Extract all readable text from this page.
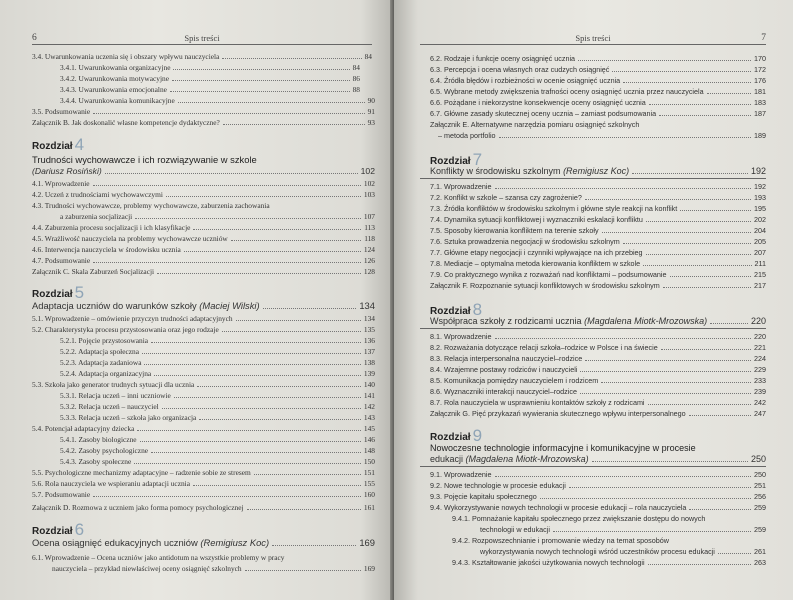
6	Spis treści
3.4. Uwarunkowania uczenia się i obszary wpływu nauczyciela	84
3.4.1. Uwarunkowania organizacyjne	84
3.4.2. Uwarunkowania motywacyjne	86
3.4.3. Uwarunkowania emocjonalne	88
3.4.4. Uwarunkowania komunikacyjne	90
3.5. Podsumowanie	91
Załącznik B. Jak doskonalić własne kompetencje dydaktyczne?	93
Rozdział 4
Trudności wychowawcze i ich rozwiązywanie w szkole
(Dariusz Rosiński)	102
4.1. Wprowadzenie	102
4.2. Uczeń z trudnościami wychowawczymi	103
4.3. Trudności wychowawcze, problemy wychowawcze, zaburzenia zachowania
a zaburzenia socjalizacji	107
4.4. Zaburzenia procesu socjalizacji i ich klasyfikacje	113
4.5. Wrażliwość nauczyciela na problemy wychowawcze uczniów	118
4.6. Interwencja nauczyciela w środowisku ucznia	124
4.7. Podsumowanie	126
Załącznik C. Skala Zaburzeń Socjalizacji	128
Rozdział 5
Adaptacja uczniów do warunków szkoły (Maciej Wilski)	134
5.1. Wprowadzenie – omówienie przyczyn trudności adaptacyjnych	134
5.2. Charakterystyka procesu przystosowania oraz jego rodzaje	135
5.2.1. Pojęcie przystosowania	136
5.2.2. Adaptacja społeczna	137
5.2.3. Adaptacja zadaniowa	138
5.2.4. Adaptacja organizacyjna	139
5.3. Szkoła jako generator trudnych sytuacji dla ucznia	140
5.3.1. Relacja uczeń – inni uczniowie	141
5.3.2. Relacja uczeń – nauczyciel	142
5.3.3. Relacja uczeń – szkoła jako organizacja	143
5.4. Potencjał adaptacyjny dziecka	145
5.4.1. Zasoby biologiczne	146
5.4.2. Zasoby psychologiczne	148
5.4.3. Zasoby społeczne	150
5.5. Psychologiczne mechanizmy adaptacyjne – radzenie sobie ze stresem	151
5.6. Rola nauczyciela we wspieraniu adaptacji ucznia	155
5.7. Podsumowanie	160
Załącznik D. Rozmowa z uczniem jako forma pomocy psychologicznej	161
Rozdział 6
Ocena osiągnięć edukacyjnych uczniów (Remigiusz Koc)	169
6.1. Wprowadzenie – Ocena uczniów jako antidotum na wszystkie problemy w pracy
nauczyciela – przykład niewłaściwej oceny osiągnięć szkolnych	169
Spis treści	7
6.2. Rodzaje i funkcje oceny osiągnięć ucznia	170
6.3. Percepcja i ocena własnych oraz cudzych osiągnięć	172
6.4. Źródła błędów i rozbieżności w ocenie osiągnięć ucznia	176
6.5. Wybrane metody zwiększenia trafności oceny osiągnięć ucznia przez nauczyciela	181
6.6. Pożądane i niekorzystne konsekwencje oceny osiągnięć ucznia	183
6.7. Główne zasady skutecznej oceny ucznia – zamiast podsumowania	187
Załącznik E. Alternatywne narzędzia pomiaru osiągnięć szkolnych
– metoda portfolio	189
Rozdział 7
Konflikty w środowisku szkolnym (Remigiusz Koc)	192
7.1. Wprowadzenie	192
7.2. Konflikt w szkole – szansa czy zagrożenie?	193
7.3. Źródła konfliktów w środowisku szkolnym i główne style reakcji na konflikt	195
7.4. Dynamika sytuacji konfliktowej i wyznaczniki eskalacji konfliktu	202
7.5. Sposoby kierowania konfliktem na terenie szkoły	204
7.6. Sztuka prowadzenia negocjacji w środowisku szkolnym	205
7.7. Główne etapy negocjacji i czynniki wpływające na ich przebieg	207
7.8. Mediacje – optymalna metoda kierowania konfliktem w szkole	211
7.9. Co praktycznego wynika z rozważań nad konfliktami – podsumowanie	215
Załącznik F. Rozpoznanie sytuacji konfliktowych w środowisku szkolnym	217
Rozdział 8
Współpraca szkoły z rodzicami ucznia (Magdalena Miotk-Mrozowska)	220
8.1. Wprowadzenie	220
8.2. Rozważania dotyczące relacji szkoła–rodzice w Polsce i na świecie	221
8.3. Relacja interpersonalna nauczyciel–rodzice	224
8.4. Wzajemne postawy rodziców i nauczycieli	229
8.5. Komunikacja pomiędzy nauczycielem i rodzicem	233
8.6. Wyznaczniki interakcji nauczyciel–rodzice	239
8.7. Rola nauczyciela w usprawnieniu kontaktów szkoły z rodzicami	242
Załącznik G. Pięć przykazań wywierania skutecznego wpływu interpersonalnego	247
Rozdział 9
Nowoczesne technologie informacyjne i komunikacyjne w procesie
edukacji (Magdalena Miotk-Mrozowska)	250
9.1. Wprowadzenie	250
9.2. Nowe technologie w procesie edukacji	251
9.3. Pojęcie kapitału społecznego	256
9.4. Wykorzystywanie nowych technologii w procesie edukacji – rola nauczyciela	259
9.4.1. Pomnażanie kapitału społecznego przez zwiększanie dostępu do nowych
technologii w edukacji	259
9.4.2. Rozpowszechnianie i promowanie wiedzy na temat sposobów
wykorzystywania nowych technologii wśród uczestników procesu edukacji	261
9.4.3. Kształtowanie jakości użytkowania nowych technologii	263
